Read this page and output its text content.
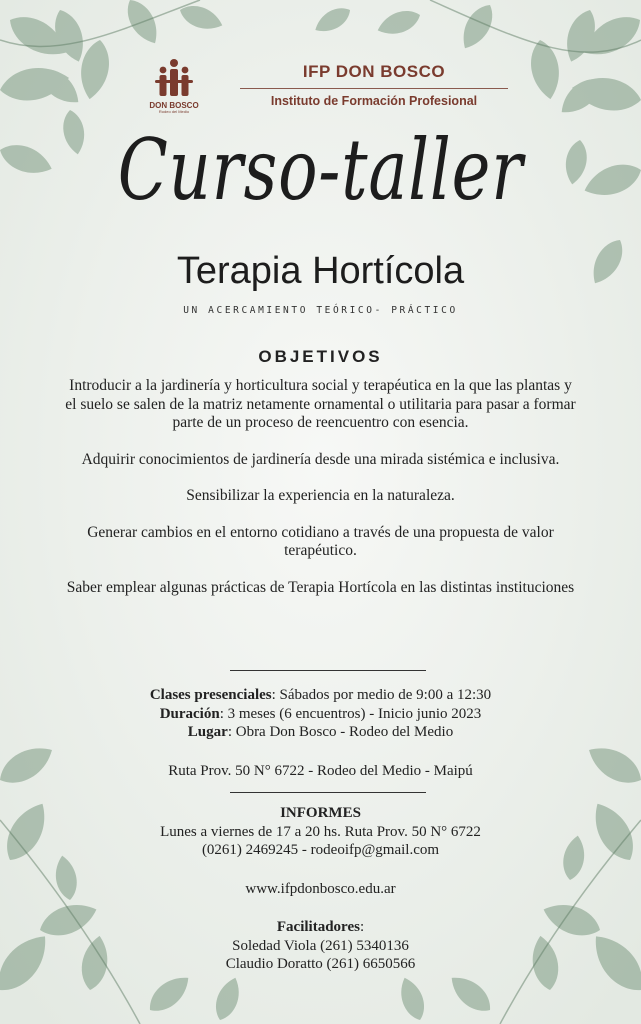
DON BOSCO
Rodeo del Medio
IFP DON BOSCO
Instituto de Formación Profesional
Curso-taller
Terapia Hortícola
UN ACERCAMIENTO TEÓRICO- PRÁCTICO
OBJETIVOS

Introducir a la jardinería y horticultura social y terapéutica en la que las plantas y el suelo se salen de la matriz netamente ornamental o utilitaria para pasar a formar parte de un proceso de reencuentro con esencia.

Adquirir conocimientos de jardinería desde una mirada sistémica e inclusiva.

Sensibilizar la experiencia en la naturaleza.

Generar cambios en el entorno cotidiano a través de una propuesta de valor terapéutico.

Saber emplear algunas prácticas de Terapia Hortícola en las distintas instituciones

Clases presenciales: Sábados por medio de 9:00 a 12:30
Duración: 3 meses (6 encuentros) - Inicio junio 2023
Lugar: Obra Don Bosco - Rodeo del Medio
Ruta Prov. 50 N° 6722 - Rodeo del Medio - Maipú
INFORMES
Lunes a viernes de 17 a 20 hs. Ruta Prov. 50 N° 6722
(0261) 2469245 - rodeoifp@gmail.com
www.ifpdonbosco.edu.ar
Facilitadores:
Soledad Viola (261) 5340136
Claudio Doratto (261) 6650566
